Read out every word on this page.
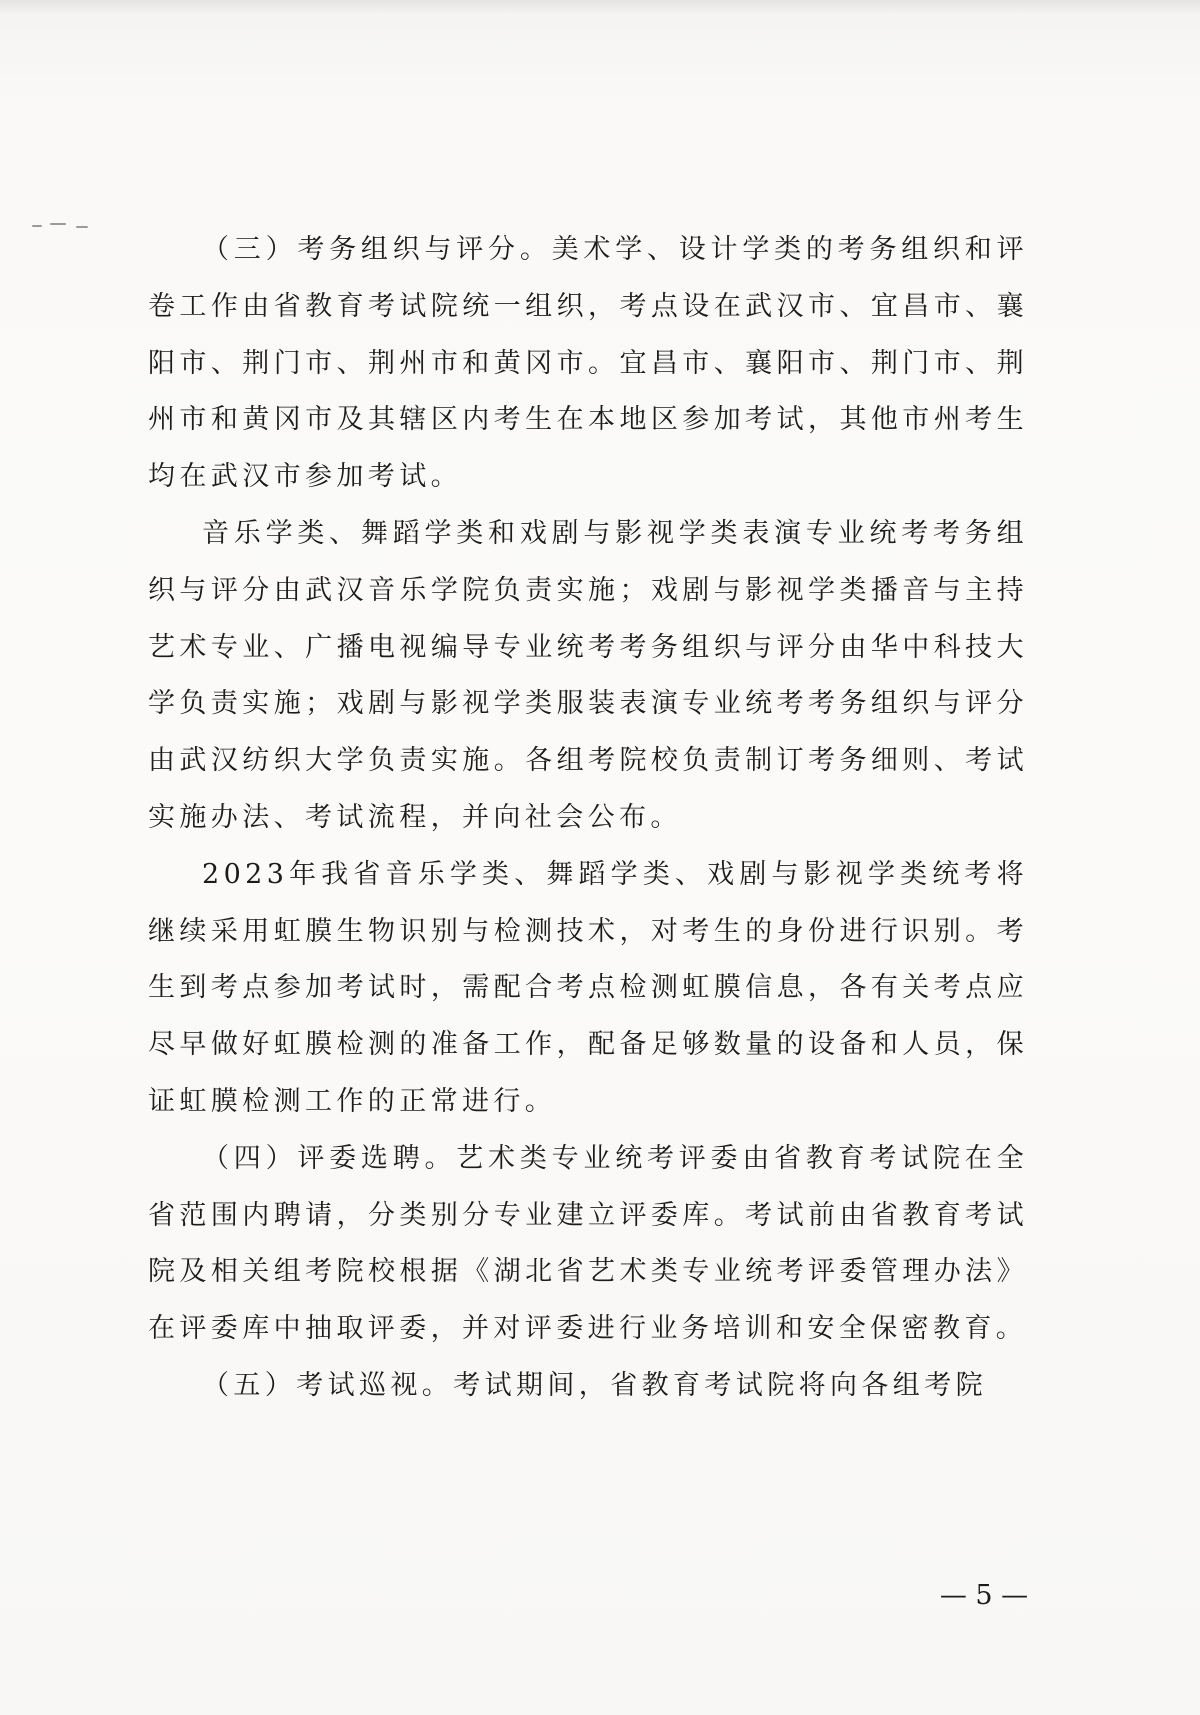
（三）考务组织与评分。美术学、设计学类的考务组织和评卷工作由省教育考试院统一组织，考点设在武汉市、宜昌市、襄阳市、荆门市、荆州市和黄冈市。宜昌市、襄阳市、荆门市、荆州市和黄冈市及其辖区内考生在本地区参加考试，其他市州考生均在武汉市参加考试。

音乐学类、舞蹈学类和戏剧与影视学类表演专业统考考务组织与评分由武汉音乐学院负责实施；戏剧与影视学类播音与主持艺术专业、广播电视编导专业统考考务组织与评分由华中科技大学负责实施；戏剧与影视学类服装表演专业统考考务组织与评分由武汉纺织大学负责实施。各组考院校负责制订考务细则、考试实施办法、考试流程，并向社会公布。

2023年我省音乐学类、舞蹈学类、戏剧与影视学类统考将继续采用虹膜生物识别与检测技术，对考生的身份进行识别。考生到考点参加考试时，需配合考点检测虹膜信息，各有关考点应尽早做好虹膜检测的准备工作，配备足够数量的设备和人员，保证虹膜检测工作的正常进行。

（四）评委选聘。艺术类专业统考评委由省教育考试院在全省范围内聘请，分类别分专业建立评委库。考试前由省教育考试院及相关组考院校根据《湖北省艺术类专业统考评委管理办法》在评委库中抽取评委，并对评委进行业务培训和安全保密教育。

（五）考试巡视。考试期间，省教育考试院将向各组考院

— 5 —
